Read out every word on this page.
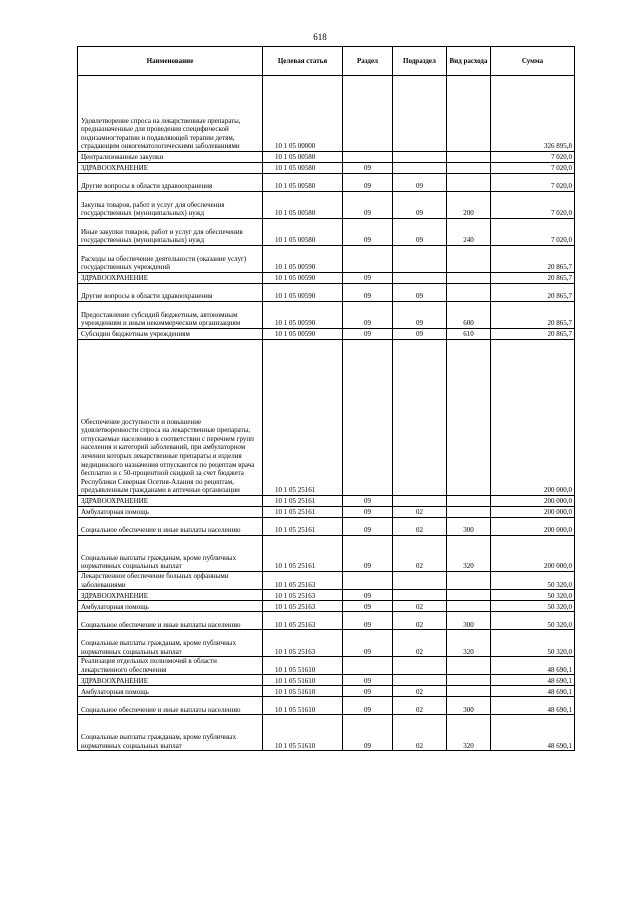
618
Наименование	Целевая статья	Раздел	Подраздел	Вид расхода	Сумма
Удовлетворение спроса на лекарственные препараты, предназначенные для проведения специфической подизамногтерапии и подавляющей терапии детям, страдающим онкогематологическими заболеваниями	10 1 05 00000				326 895,8
Централизованные закупки	10 1 05 00580				7 020,0
ЗДРАВООХРАНЕНИЕ	10 1 05 00580	09			7 020,0
Другие вопросы в области здравоохранения	10 1 05 00580	09	09		7 020,0
Закупка товаров, работ и услуг для обеспечения государственных (муниципальных) нужд	10 1 05 00580	09	09	200	7 020,0
Иные закупки товаров, работ и услуг для обеспечения государственных (муниципальных) нужд	10 1 05 00580	09	09	240	7 020,0
Расходы на обеспечение деятельности (оказание услуг) государственных учреждений	10 1 05 00590				20 865,7
ЗДРАВООХРАНЕНИЕ	10 1 05 00590	09			20 865,7
Другие вопросы в области здравоохранения	10 1 05 00590	09	09		20 865,7
Предоставление субсидий бюджетным, автономным учреждениям и иным некоммерческим организациям	10 1 05 00590	09	09	600	20 865,7
Субсидии бюджетным учреждениям	10 1 05 00590	09	09	610	20 865,7
Обеспечение доступности и повышение удовлетворенности спроса на лекарственные препараты, отпускаемые населению в соответствии с перечнем групп населения и категорий заболеваний, при амбулаторном лечении которых лекарственные препараты и изделия медицинского назначения отпускаются по рецептам врача бесплатно и с 50-процентной скидкой за счет бюджета Республики Северная Осетия-Алания по рецептам, предъявленным гражданами в аптечные организации	10 1 05 25161				200 000,0
ЗДРАВООХРАНЕНИЕ	10 1 05 25161	09			200 000,0
Амбулаторная помощь	10 1 05 25161	09	02		200 000,0
Социальное обеспечение и иные выплаты населению	10 1 05 25161	09	02	300	200 000,0
Социальные выплаты гражданам, кроме публичных нормативных социальных выплат	10 1 05 25161	09	02	320	200 000,0
Лекарственное обеспечение больных орфанными заболеваниями	10 1 05 25163				50 320,0
ЗДРАВООХРАНЕНИЕ	10 1 05 25163	09			50 320,0
Амбулаторная помощь	10 1 05 25163	09	02		50 320,0
Социальное обеспечение и иные выплаты населению	10 1 05 25163	09	02	300	50 320,0
Социальные выплаты гражданам, кроме публичных нормативных социальных выплат	10 1 05 25163	09	02	320	50 320,0
Реализация отдельных полномочий в области лекарственного обеспечения	10 1 05 51610				48 690,1
ЗДРАВООХРАНЕНИЕ	10 1 05 51610	09			48 690,1
Амбулаторная помощь	10 1 05 51610	09	02		48 690,1
Социальное обеспечение и иные выплаты населению	10 1 05 51610	09	02	300	48 690,1
Социальные выплаты гражданам, кроме публичных нормативных социальных выплат	10 1 05 51610	09	02	320	48 690,1
